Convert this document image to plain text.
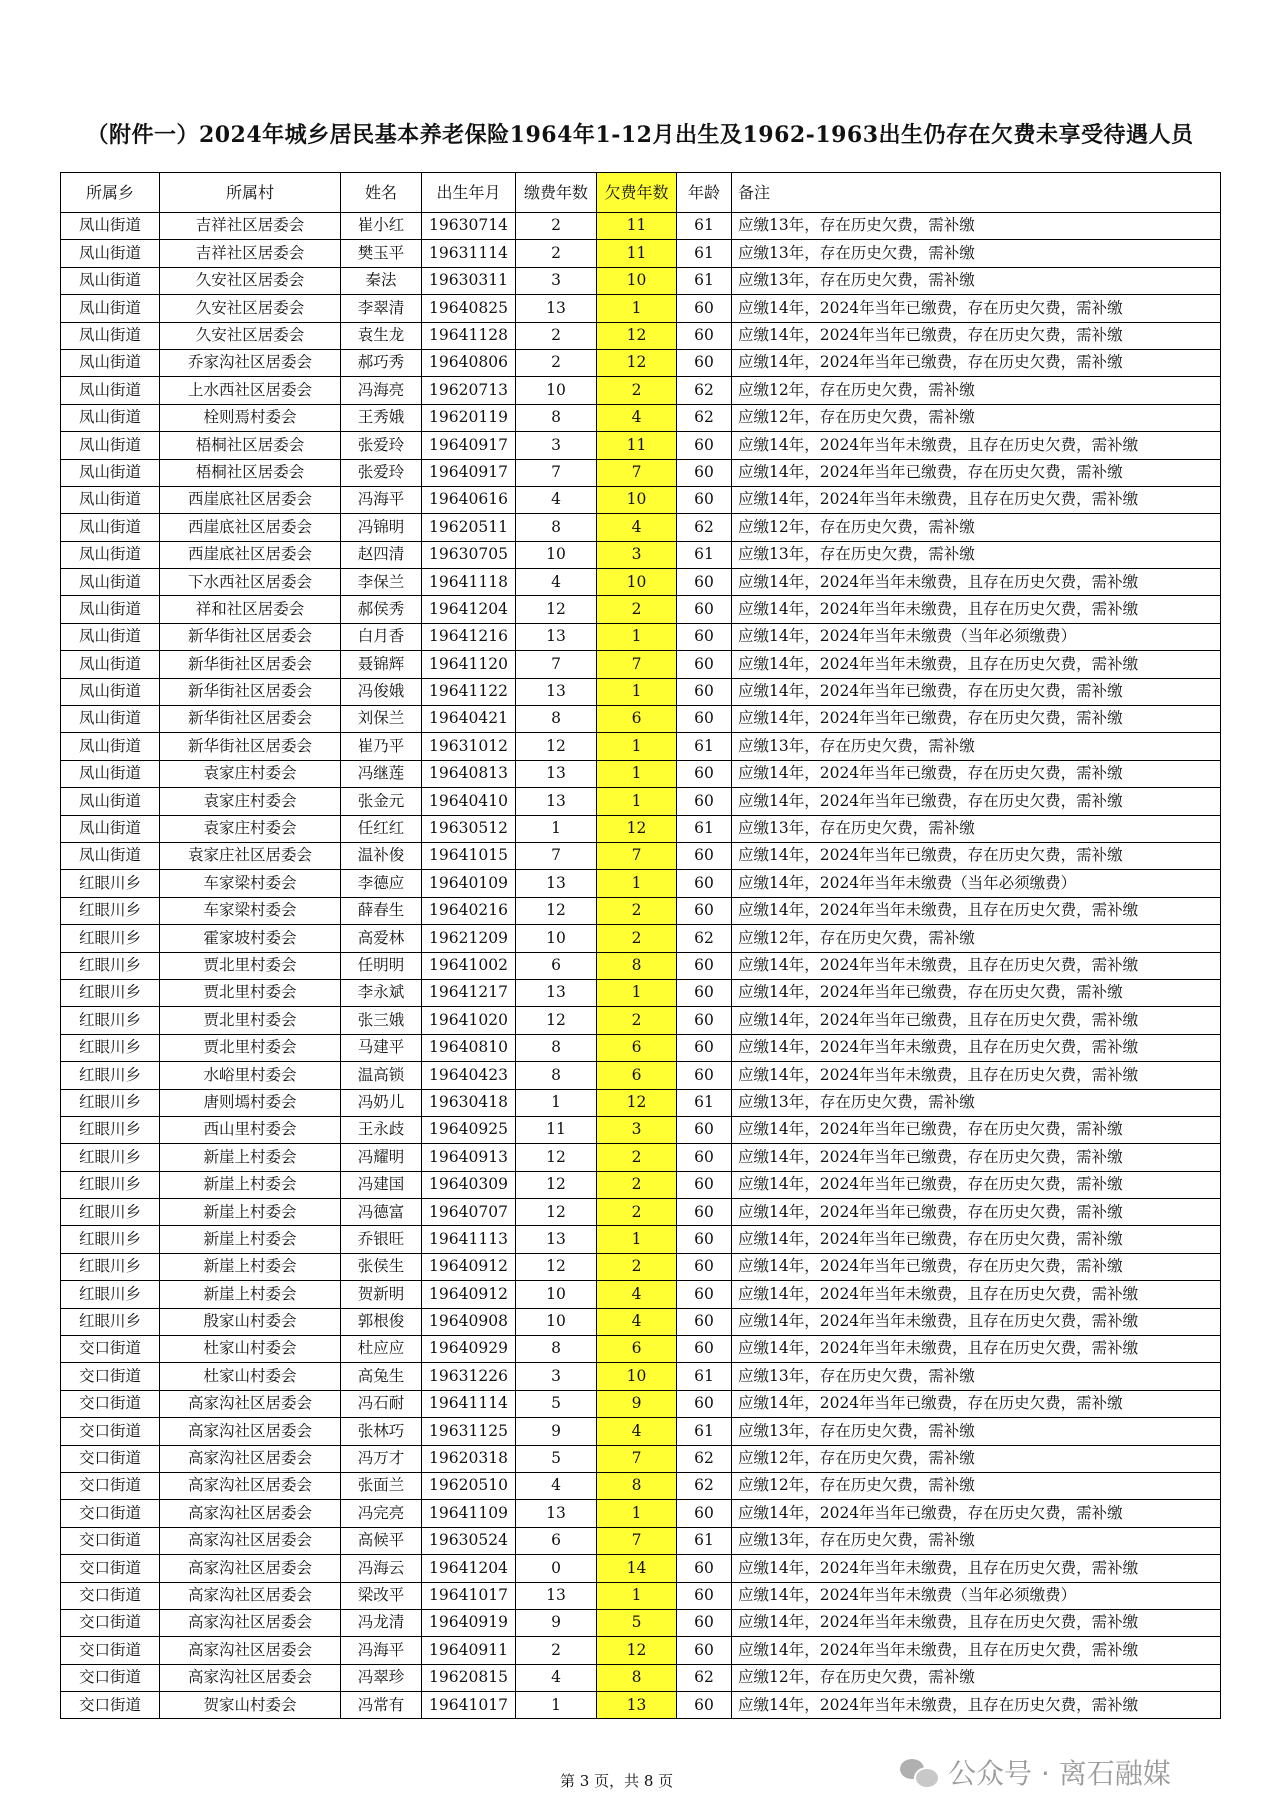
（附件一）2024年城乡居民基本养老保险1964年1-12月出生及1962-1963出生仍存在欠费未享受待遇人员
所属乡	所属村	姓名	出生年月	缴费年数	欠费年数	年龄	备注
凤山街道	吉祥社区居委会	崔小红	19630714	2	11	61	应缴13年，存在历史欠费，需补缴
凤山街道	吉祥社区居委会	樊玉平	19631114	2	11	61	应缴13年，存在历史欠费，需补缴
凤山街道	久安社区居委会	秦法	19630311	3	10	61	应缴13年，存在历史欠费，需补缴
凤山街道	久安社区居委会	李翠清	19640825	13	1	60	应缴14年，2024年当年已缴费，存在历史欠费，需补缴
凤山街道	久安社区居委会	袁生龙	19641128	2	12	60	应缴14年，2024年当年已缴费，存在历史欠费，需补缴
凤山街道	乔家沟社区居委会	郝巧秀	19640806	2	12	60	应缴14年，2024年当年已缴费，存在历史欠费，需补缴
凤山街道	上水西社区居委会	冯海亮	19620713	10	2	62	应缴12年，存在历史欠费，需补缴
凤山街道	栓则焉村委会	王秀娥	19620119	8	4	62	应缴12年，存在历史欠费，需补缴
凤山街道	梧桐社区居委会	张爱玲	19640917	3	11	60	应缴14年，2024年当年未缴费，且存在历史欠费，需补缴
凤山街道	梧桐社区居委会	张爱玲	19640917	7	7	60	应缴14年，2024年当年已缴费，存在历史欠费，需补缴
凤山街道	西崖底社区居委会	冯海平	19640616	4	10	60	应缴14年，2024年当年未缴费，且存在历史欠费，需补缴
凤山街道	西崖底社区居委会	冯锦明	19620511	8	4	62	应缴12年，存在历史欠费，需补缴
凤山街道	西崖底社区居委会	赵四清	19630705	10	3	61	应缴13年，存在历史欠费，需补缴
凤山街道	下水西社区居委会	李保兰	19641118	4	10	60	应缴14年，2024年当年未缴费，且存在历史欠费，需补缴
凤山街道	祥和社区居委会	郝侯秀	19641204	12	2	60	应缴14年，2024年当年未缴费，且存在历史欠费，需补缴
凤山街道	新华街社区居委会	白月香	19641216	13	1	60	应缴14年，2024年当年未缴费（当年必须缴费）
凤山街道	新华街社区居委会	聂锦辉	19641120	7	7	60	应缴14年，2024年当年未缴费，且存在历史欠费，需补缴
凤山街道	新华街社区居委会	冯俊娥	19641122	13	1	60	应缴14年，2024年当年已缴费，存在历史欠费，需补缴
凤山街道	新华街社区居委会	刘保兰	19640421	8	6	60	应缴14年，2024年当年已缴费，存在历史欠费，需补缴
凤山街道	新华街社区居委会	崔乃平	19631012	12	1	61	应缴13年，存在历史欠费，需补缴
凤山街道	袁家庄村委会	冯继莲	19640813	13	1	60	应缴14年，2024年当年已缴费，存在历史欠费，需补缴
凤山街道	袁家庄村委会	张金元	19640410	13	1	60	应缴14年，2024年当年已缴费，存在历史欠费，需补缴
凤山街道	袁家庄村委会	任红红	19630512	1	12	61	应缴13年，存在历史欠费，需补缴
凤山街道	袁家庄社区居委会	温补俊	19641015	7	7	60	应缴14年，2024年当年已缴费，存在历史欠费，需补缴
红眼川乡	车家梁村委会	李德应	19640109	13	1	60	应缴14年，2024年当年未缴费（当年必须缴费）
红眼川乡	车家梁村委会	薛春生	19640216	12	2	60	应缴14年，2024年当年未缴费，且存在历史欠费，需补缴
红眼川乡	霍家坡村委会	高爱林	19621209	10	2	62	应缴12年，存在历史欠费，需补缴
红眼川乡	贾北里村委会	任明明	19641002	6	8	60	应缴14年，2024年当年未缴费，且存在历史欠费，需补缴
红眼川乡	贾北里村委会	李永斌	19641217	13	1	60	应缴14年，2024年当年已缴费，存在历史欠费，需补缴
红眼川乡	贾北里村委会	张三娥	19641020	12	2	60	应缴14年，2024年当年已缴费，且存在历史欠费，需补缴
红眼川乡	贾北里村委会	马建平	19640810	8	6	60	应缴14年，2024年当年未缴费，且存在历史欠费，需补缴
红眼川乡	水峪里村委会	温高锁	19640423	8	6	60	应缴14年，2024年当年未缴费，且存在历史欠费，需补缴
红眼川乡	唐则墕村委会	冯奶儿	19630418	1	12	61	应缴13年，存在历史欠费，需补缴
红眼川乡	西山里村委会	王永歧	19640925	11	3	60	应缴14年，2024年当年已缴费，存在历史欠费，需补缴
红眼川乡	新崖上村委会	冯耀明	19640913	12	2	60	应缴14年，2024年当年已缴费，存在历史欠费，需补缴
红眼川乡	新崖上村委会	冯建国	19640309	12	2	60	应缴14年，2024年当年已缴费，存在历史欠费，需补缴
红眼川乡	新崖上村委会	冯德富	19640707	12	2	60	应缴14年，2024年当年已缴费，存在历史欠费，需补缴
红眼川乡	新崖上村委会	乔银旺	19641113	13	1	60	应缴14年，2024年当年已缴费，存在历史欠费，需补缴
红眼川乡	新崖上村委会	张侯生	19640912	12	2	60	应缴14年，2024年当年已缴费，存在历史欠费，需补缴
红眼川乡	新崖上村委会	贺新明	19640912	10	4	60	应缴14年，2024年当年未缴费，且存在历史欠费，需补缴
红眼川乡	殷家山村委会	郭根俊	19640908	10	4	60	应缴14年，2024年当年未缴费，且存在历史欠费，需补缴
交口街道	杜家山村委会	杜应应	19640929	8	6	60	应缴14年，2024年当年未缴费，且存在历史欠费，需补缴
交口街道	杜家山村委会	高兔生	19631226	3	10	61	应缴13年，存在历史欠费，需补缴
交口街道	高家沟社区居委会	冯石耐	19641114	5	9	60	应缴14年，2024年当年已缴费，存在历史欠费，需补缴
交口街道	高家沟社区居委会	张林巧	19631125	9	4	61	应缴13年，存在历史欠费，需补缴
交口街道	高家沟社区居委会	冯万才	19620318	5	7	62	应缴12年，存在历史欠费，需补缴
交口街道	高家沟社区居委会	张面兰	19620510	4	8	62	应缴12年，存在历史欠费，需补缴
交口街道	高家沟社区居委会	冯完亮	19641109	13	1	60	应缴14年，2024年当年已缴费，存在历史欠费，需补缴
交口街道	高家沟社区居委会	高候平	19630524	6	7	61	应缴13年，存在历史欠费，需补缴
交口街道	高家沟社区居委会	冯海云	19641204	0	14	60	应缴14年，2024年当年未缴费，且存在历史欠费，需补缴
交口街道	高家沟社区居委会	梁改平	19641017	13	1	60	应缴14年，2024年当年未缴费（当年必须缴费）
交口街道	高家沟社区居委会	冯龙清	19640919	9	5	60	应缴14年，2024年当年未缴费，且存在历史欠费，需补缴
交口街道	高家沟社区居委会	冯海平	19640911	2	12	60	应缴14年，2024年当年未缴费，且存在历史欠费，需补缴
交口街道	高家沟社区居委会	冯翠珍	19620815	4	8	62	应缴12年，存在历史欠费，需补缴
交口街道	贺家山村委会	冯常有	19641017	1	13	60	应缴14年，2024年当年未缴费，且存在历史欠费，需补缴
第 3 页，共 8 页	公众号 · 离石融媒
